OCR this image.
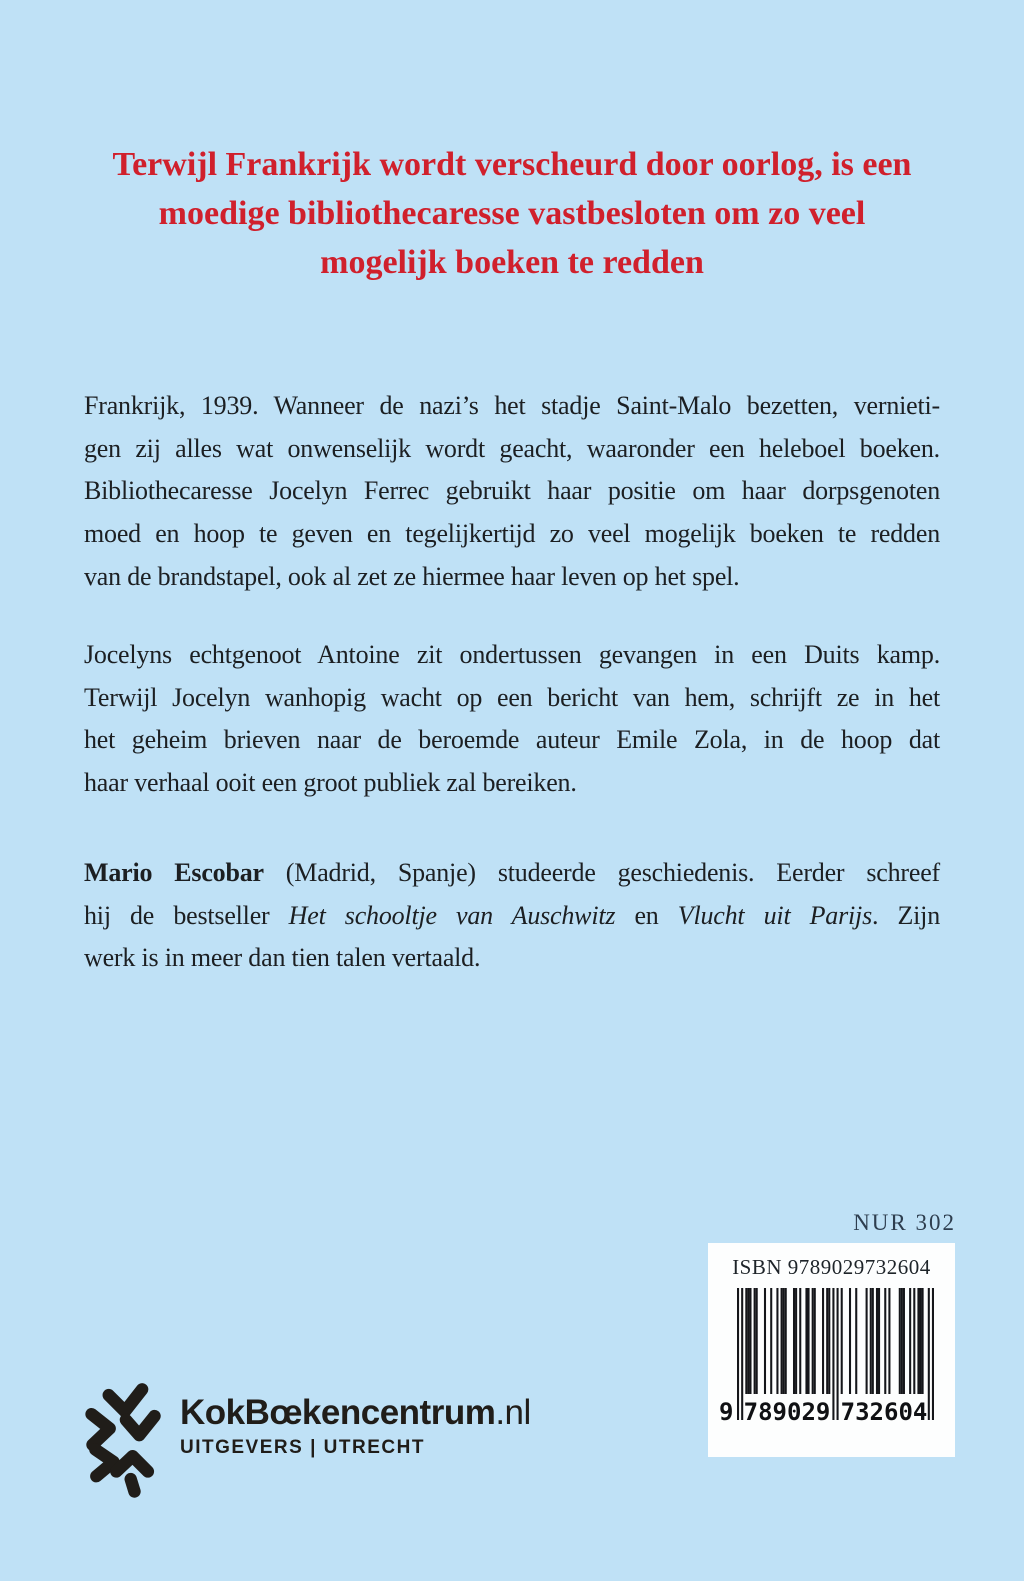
Terwijl Frankrijk wordt verscheurd door oorlog, is een
moedige bibliothecaresse vastbesloten om zo veel
mogelijk boeken te redden
Frankrijk, 1939. Wanneer de nazi’s het stadje Saint-Malo bezetten, vernieti-
gen zij alles wat onwenselijk wordt geacht, waaronder een heleboel boeken.
Bibliothecaresse Jocelyn Ferrec gebruikt haar positie om haar dorpsgenoten
moed en hoop te geven en tegelijkertijd zo veel mogelijk boeken te redden
van de brandstapel, ook al zet ze hiermee haar leven op het spel.
Jocelyns echtgenoot Antoine zit ondertussen gevangen in een Duits kamp.
Terwijl Jocelyn wanhopig wacht op een bericht van hem, schrijft ze in het
het geheim brieven naar de beroemde auteur Emile Zola, in de hoop dat
haar verhaal ooit een groot publiek zal bereiken.
Mario Escobar (Madrid, Spanje) studeerde geschiedenis. Eerder schreef
hij de bestseller Het schooltje van Auschwitz en Vlucht uit Parijs. Zijn
werk is in meer dan tien talen vertaald.
NUR 302
ISBN 9789029732604
9 789029 732604
KokBœkencentrum.nl
UITGEVERS | UTRECHT
